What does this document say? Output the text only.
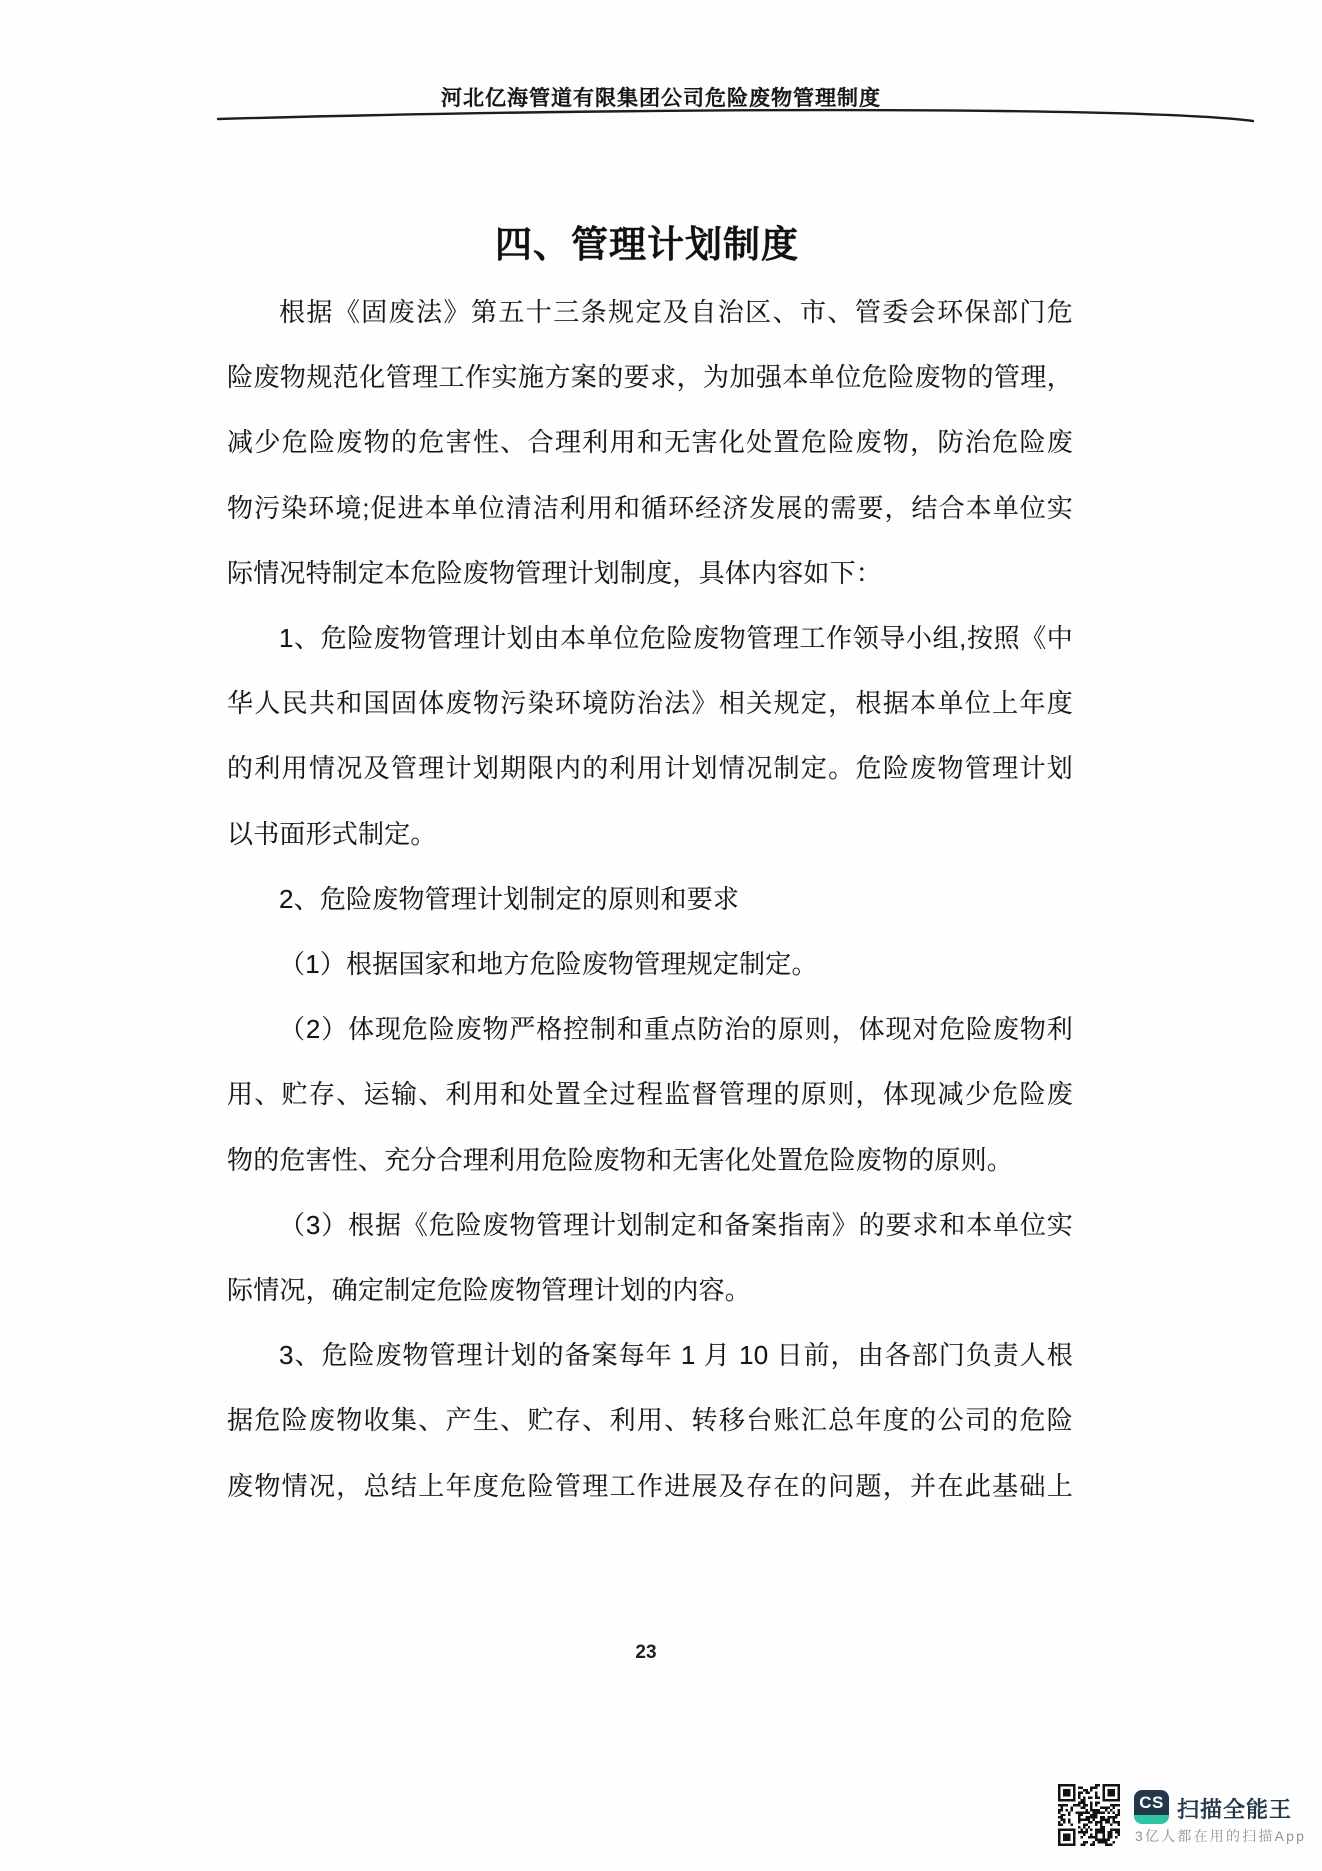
河北亿海管道有限集团公司危险废物管理制度
四、管理计划制度
根据《固废法》第五十三条规定及自治区、市、管委会环保部门危
险废物规范化管理工作实施方案的要求，为加强本单位危险废物的管理，
减少危险废物的危害性、合理利用和无害化处置危险废物，防治危险废
物污染环境;促进本单位清洁利用和循环经济发展的需要，结合本单位实
际情况特制定本危险废物管理计划制度，具体内容如下：
1、危险废物管理计划由本单位危险废物管理工作领导小组,按照《中
华人民共和国固体废物污染环境防治法》相关规定，根据本单位上年度
的利用情况及管理计划期限内的利用计划情况制定。危险废物管理计划
以书面形式制定。
2、危险废物管理计划制定的原则和要求
（1）根据国家和地方危险废物管理规定制定。
（2）体现危险废物严格控制和重点防治的原则，体现对危险废物利
用、贮存、运输、利用和处置全过程监督管理的原则，体现减少危险废
物的危害性、充分合理利用危险废物和无害化处置危险废物的原则。
（3）根据《危险废物管理计划制定和备案指南》的要求和本单位实
际情况，确定制定危险废物管理计划的内容。
3、危险废物管理计划的备案每年 1 月 10 日前，由各部门负责人根
据危险废物收集、产生、贮存、利用、转移台账汇总年度的公司的危险
废物情况，总结上年度危险管理工作进展及存在的问题，并在此基础上
23
CS 扫描全能王
3亿人都在用的扫描App
